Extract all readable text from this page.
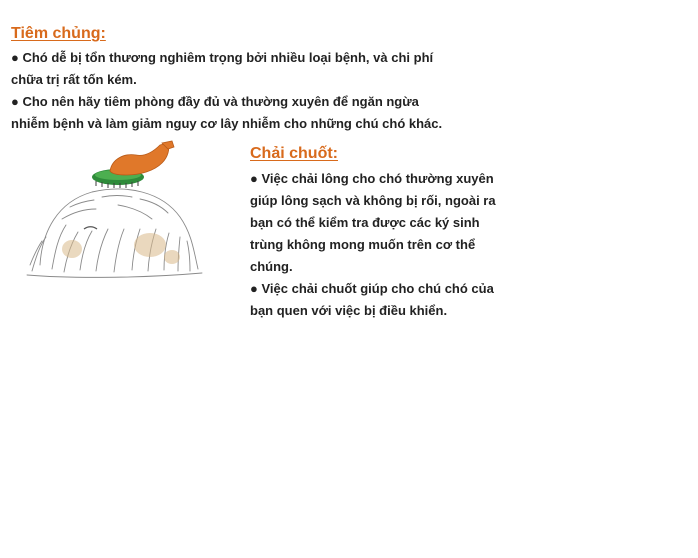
Tiêm chủng:
● Chó dễ bị tổn thương nghiêm trọng bởi nhiều loại bệnh, và chi phí
chữa trị rất tốn kém.
● Cho nên hãy tiêm phòng đầy đủ và thường xuyên để ngăn ngừa
nhiễm bệnh và làm giảm nguy cơ lây nhiễm cho những chú chó khác.
Chải chuốt:
● Việc chải lông cho chó thường xuyên
giúp lông sạch và không bị rối, ngoài ra
bạn có thể kiểm tra được các ký sinh
trùng không mong muốn trên cơ thể
chúng.
● Việc chải chuốt giúp cho chú chó của
bạn quen với việc bị điều khiển.
